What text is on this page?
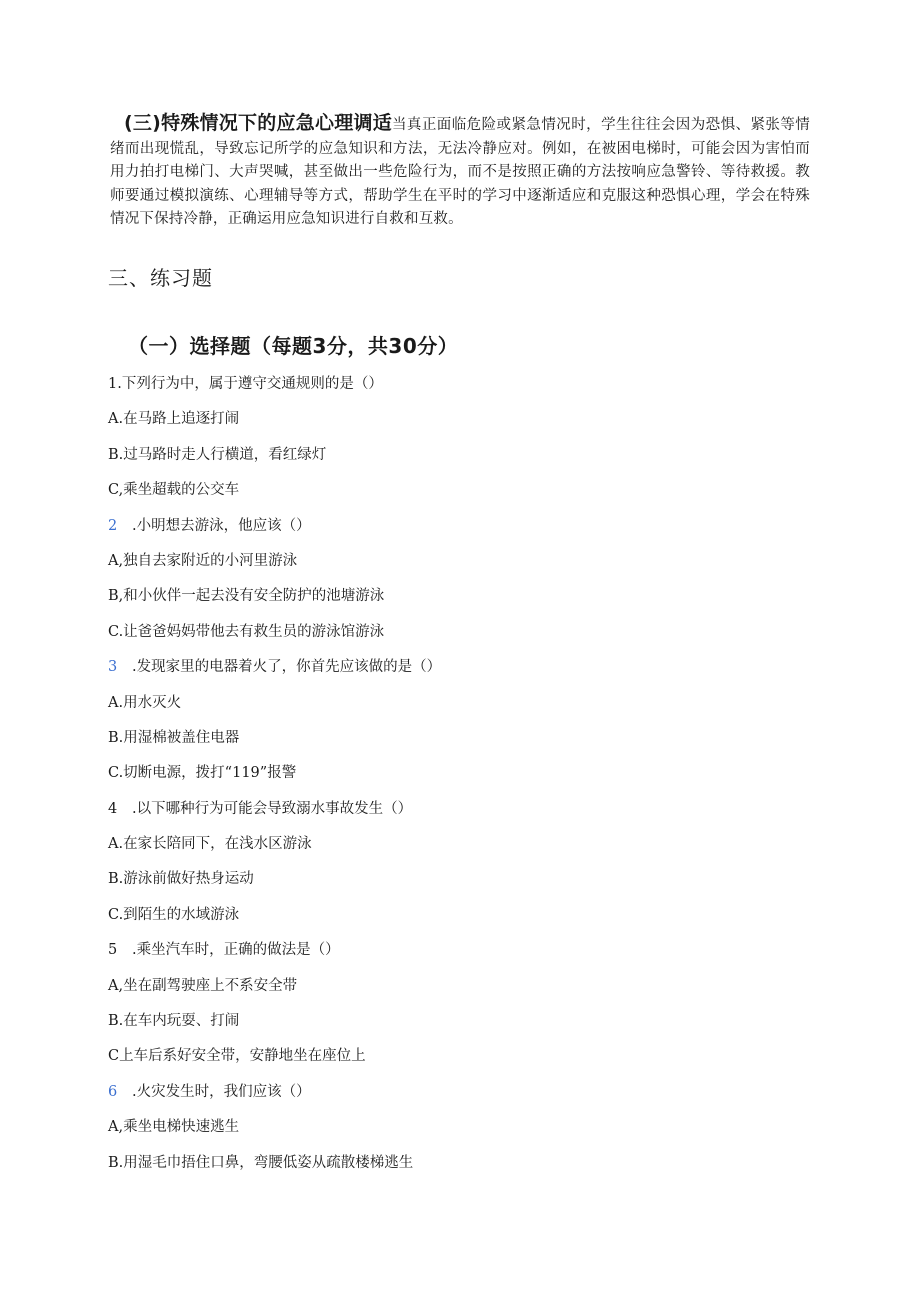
(三)特殊情况下的应急心理调适当真正面临危险或紧急情况时，学生往往会因为恐惧、紧张等情绪而出现慌乱，导致忘记所学的应急知识和方法，无法冷静应对。例如，在被困电梯时，可能会因为害怕而用力拍打电梯门、大声哭喊，甚至做出一些危险行为，而不是按照正确的方法按响应急警铃、等待救援。教师要通过模拟演练、心理辅导等方式，帮助学生在平时的学习中逐渐适应和克服这种恐惧心理，学会在特殊情况下保持冷静，正确运用应急知识进行自救和互救。
三、练习题
（一）选择题（每题3分，共30分）
1.下列行为中，属于遵守交通规则的是（）
A.在马路上追逐打闹
B.过马路时走人行横道，看红绿灯
C,乘坐超载的公交车
2 .小明想去游泳，他应该（）
A,独自去家附近的小河里游泳
B,和小伙伴一起去没有安全防护的池塘游泳
C.让爸爸妈妈带他去有救生员的游泳馆游泳
3 .发现家里的电器着火了，你首先应该做的是（）
A.用水灭火
B.用湿棉被盖住电器
C.切断电源，拨打“119”报警
4 .以下哪种行为可能会导致溺水事故发生（）
A.在家长陪同下，在浅水区游泳
B.游泳前做好热身运动
C.到陌生的水域游泳
5 .乘坐汽车时，正确的做法是（）
A,坐在副驾驶座上不系安全带
B.在车内玩耍、打闹
C上车后系好安全带，安静地坐在座位上
6 .火灾发生时，我们应该（）
A,乘坐电梯快速逃生
B.用湿毛巾捂住口鼻，弯腰低姿从疏散楼梯逃生
